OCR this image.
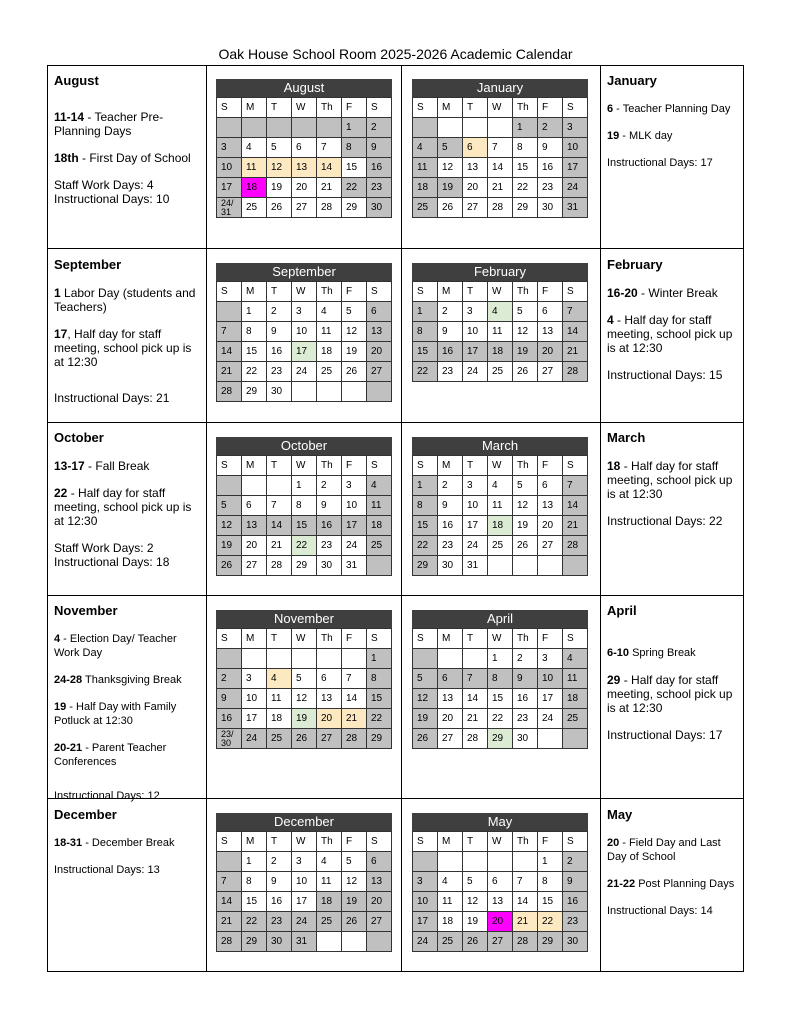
Oak House School Room 2025-2026 Academic Calendar
August

11-14 - Teacher Pre-Planning Days

18th - First Day of School

Staff Work Days: 4

Instructional Days: 10

September

1 Labor Day (students and Teachers)

17, Half day for staff meeting, school pick up is at 12:30

Instructional Days: 21

October

13-17 - Fall Break

22 - Half day for staff meeting, school pick up is at 12:30

Staff Work Days: 2

Instructional Days: 18

November

4 - Election Day/ Teacher Work Day

24-28 Thanksgiving Break

19 - Half Day with Family Potluck at 12:30

20-21 - Parent Teacher Conferences

Instructional Days: 12

December

18-31 - December Break

Instructional Days: 13

January

6 - Teacher Planning Day

19 - MLK day

Instructional Days: 17

February

16-20 - Winter Break

4 - Half day for staff meeting, school pick up is at 12:30

Instructional Days: 15

March

18 - Half day for staff meeting, school pick up is at 12:30

Instructional Days: 22

April

6-10 Spring Break

29 - Half day for staff meeting, school pick up is at 12:30

Instructional Days: 17

May

20 - Field Day and Last Day of School

21-22 Post Planning Days

Instructional Days: 14

August
S	M	T	W	Th	F	S
					1	2
3	4	5	6	7	8	9
10	11	12	13	14	15	16
17	18	19	20	21	22	23
24/ 31	25	26	27	28	29	30
September
S	M	T	W	Th	F	S
	1	2	3	4	5	6
7	8	9	10	11	12	13
14	15	16	17	18	19	20
21	22	23	24	25	26	27
28	29	30				
October
S	M	T	W	Th	F	S
			1	2	3	4
5	6	7	8	9	10	11
12	13	14	15	16	17	18
19	20	21	22	23	24	25
26	27	28	29	30	31	
November
S	M	T	W	Th	F	S
						1
2	3	4	5	6	7	8
9	10	11	12	13	14	15
16	17	18	19	20	21	22
23/ 30	24	25	26	27	28	29
December
S	M	T	W	Th	F	S
	1	2	3	4	5	6
7	8	9	10	11	12	13
14	15	16	17	18	19	20
21	22	23	24	25	26	27
28	29	30	31			
January
S	M	T	W	Th	F	S
				1	2	3
4	5	6	7	8	9	10
11	12	13	14	15	16	17
18	19	20	21	22	23	24
25	26	27	28	29	30	31
February
S	M	T	W	Th	F	S
1	2	3	4	5	6	7
8	9	10	11	12	13	14
15	16	17	18	19	20	21
22	23	24	25	26	27	28
March
S	M	T	W	Th	F	S
1	2	3	4	5	6	7
8	9	10	11	12	13	14
15	16	17	18	19	20	21
22	23	24	25	26	27	28
29	30	31				
April
S	M	T	W	Th	F	S
			1	2	3	4
5	6	7	8	9	10	11
12	13	14	15	16	17	18
19	20	21	22	23	24	25
26	27	28	29	30		
May
S	M	T	W	Th	F	S
					1	2
3	4	5	6	7	8	9
10	11	12	13	14	15	16
17	18	19	20	21	22	23
24	25	26	27	28	29	30
